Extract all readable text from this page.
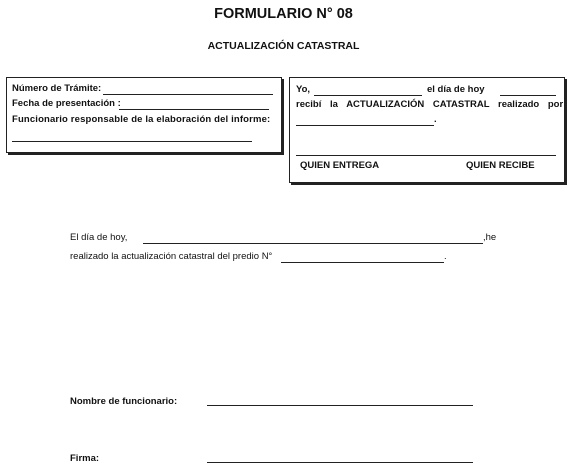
FORMULARIO N° 08
ACTUALIZACIÓN CATASTRAL
Número de Trámite:
Fecha de presentación :
Funcionario responsable de la elaboración del informe:
Yo,	el día de hoy
recibí la ACTUALIZACIÓN CATASTRAL realizado por
.
QUIEN ENTREGA	QUIEN RECIBE
El día de hoy,	,he
realizado la actualización catastral del predio N°	.
Nombre de funcionario:
Firma:
